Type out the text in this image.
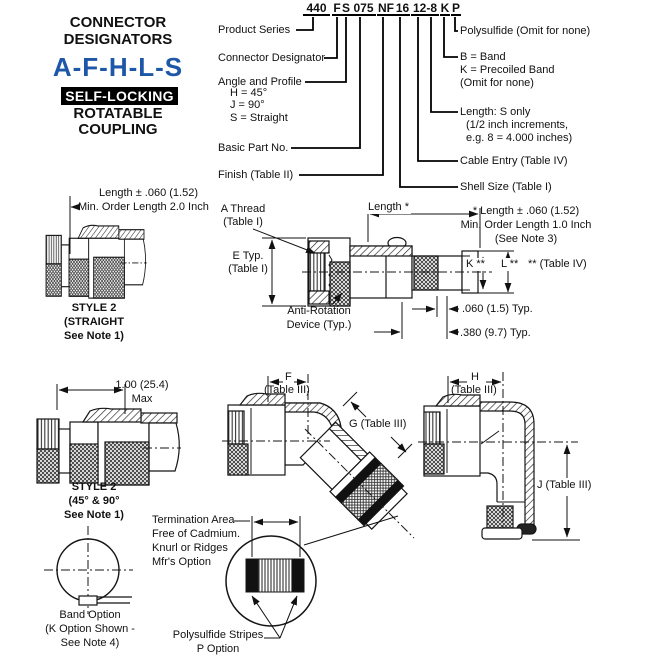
CONNECTOR
DESIGNATORS
A-F-H-L-S
SELF-LOCKING
ROTATABLE
COUPLING
440 F S 075 NF 16 12-8 K P
Product Series
Connector Designator
Angle and Profile
H = 45°
J = 90°
S = Straight
Basic Part No.
Finish (Table II)
Polysulfide (Omit for none)
B = Band
K = Precoiled Band
(Omit for none)
Length: S only
(1/2 inch increments,
e.g. 8 = 4.000 inches)
Cable Entry (Table IV)
Shell Size (Table I)
Length ± .060 (1.52)
Min. Order Length 2.0 Inch
STYLE 2
(STRAIGHT
See Note 1)
A Thread
(Table I)
E Typ.
(Table I)
Length *
Anti-Rotation
Device (Typ.)
* Length ± .060 (1.52)
Min. Order Length 1.0 Inch
(See Note 3)
K ** L ** ** (Table IV)
.060 (1.5) Typ.
.380 (9.7) Typ.
1.00 (25.4)
Max
STYLE 2
(45° & 90°
See Note 1)
F
(Table III)
G (Table III)
H
(Table III)
J (Table III)
Band Option
(K Option Shown -
See Note 4)
Termination Area
Free of Cadmium.
Knurl or Ridges
Mfr's Option
Polysulfide Stripes
P Option
